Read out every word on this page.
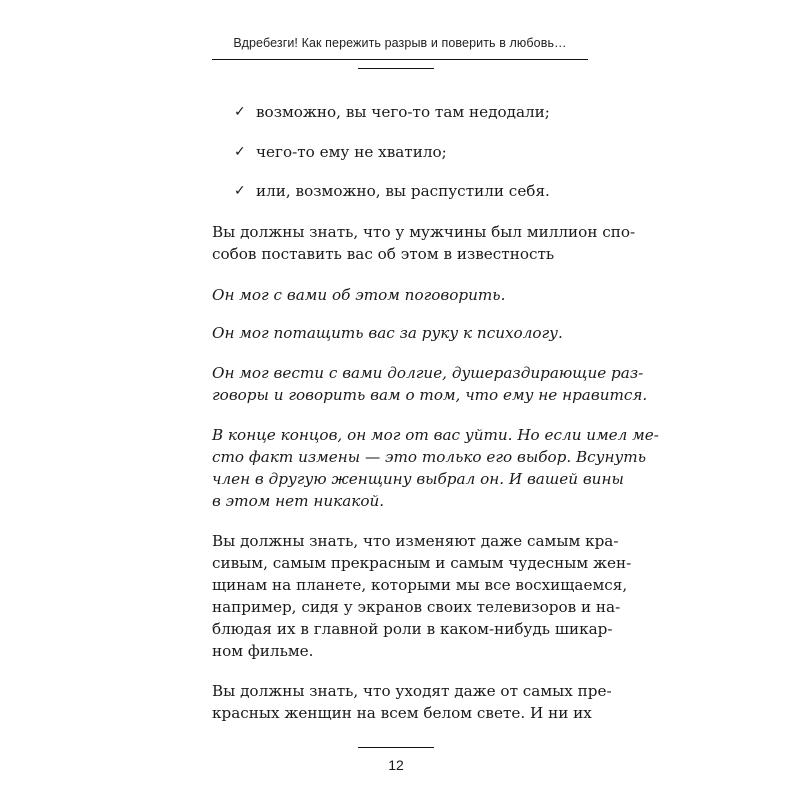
Вдребезги! Как пережить разрыв и поверить в любовь…
✓ возможно, вы чего-то там недодали;
✓ чего-то ему не хватило;
✓ или, возможно, вы распустили себя.
Вы должны знать, что у мужчины был миллион спо-
собов поставить вас об этом в известность
Он мог с вами об этом поговорить.
Он мог потащить вас за руку к психологу.
Он мог вести с вами долгие, душераздирающие раз-
говоры и говорить вам о том, что ему не нравится.
В конце концов, он мог от вас уйти. Но если имел ме-
сто факт измены — это только его выбор. Всунуть
член в другую женщину выбрал он. И вашей вины
в этом нет никакой.
Вы должны знать, что изменяют даже самым кра-
сивым, самым прекрасным и самым чудесным жен-
щинам на планете, которыми мы все восхищаемся,
например, сидя у экранов своих телевизоров и на-
блюдая их в главной роли в каком-нибудь шикар-
ном фильме.
Вы должны знать, что уходят даже от самых пре-
красных женщин на всем белом свете. И ни их
12
